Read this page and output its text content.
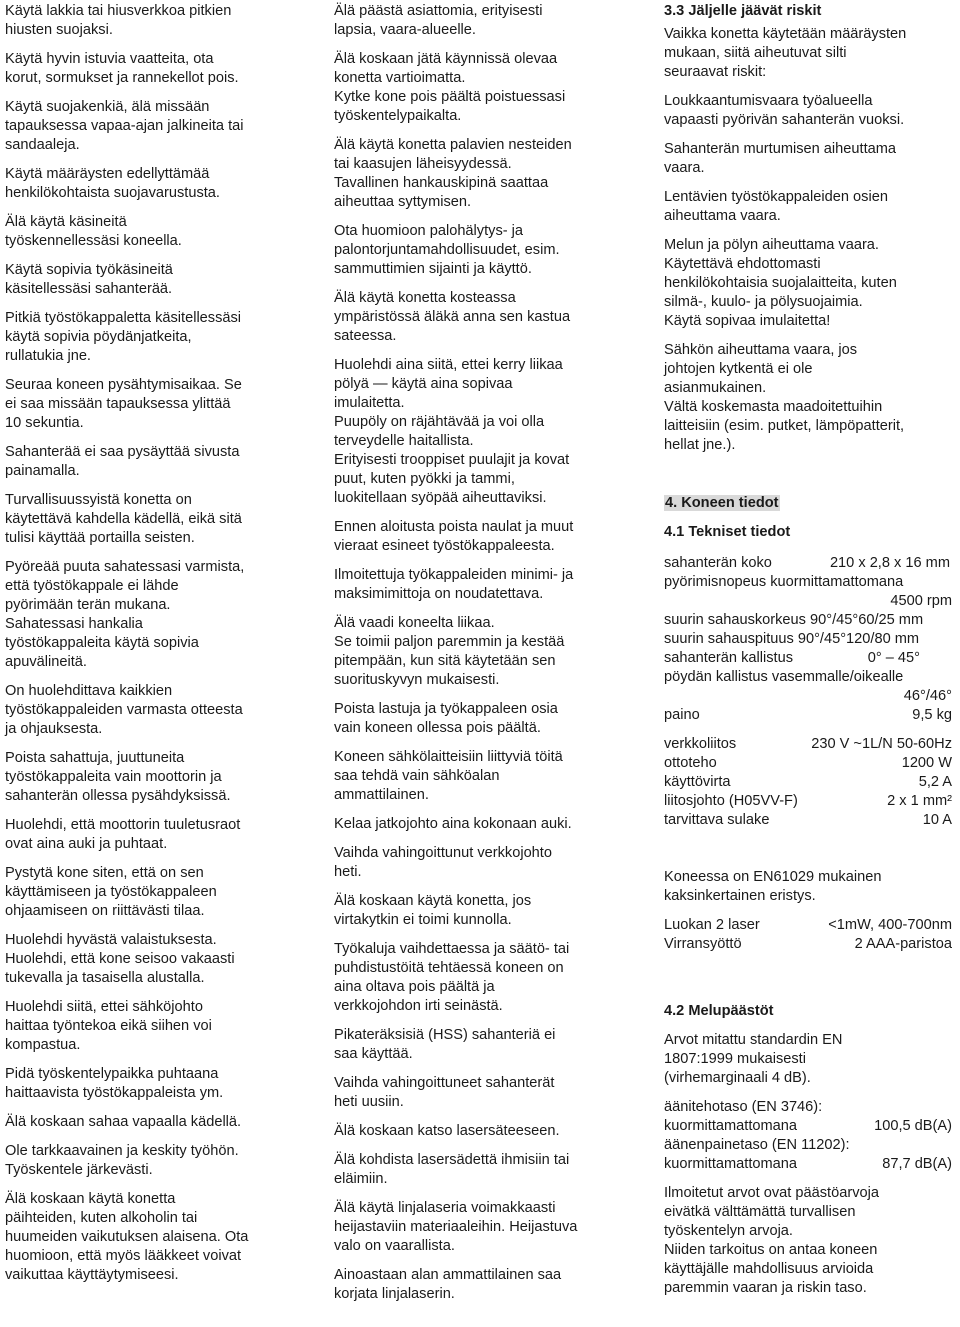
Käytä lakkia tai hiusverkkoa pitkien
hiusten suojaksi.
Käytä hyvin istuvia vaatteita, ota
korut, sormukset ja rannekellot pois.
Käytä suojakenkiä, älä missään
tapauksessa vapaa-ajan jalkineita tai
sandaaleja.
Käytä määräysten edellyttämää
henkilökohtaista suojavarustusta.
Älä käytä käsineitä
työskennellessäsi koneella.
Käytä sopivia työkäsineitä
käsitellessäsi sahanterää.
Pitkiä työstökappaletta käsitellessäsi
käytä sopivia pöydänjatkeita,
rullatukia jne.
Seuraa koneen pysähtymisaikaa. Se
ei saa missään tapauksessa ylittää
10 sekuntia.
Sahanterää ei saa pysäyttää sivusta
painamalla.
Turvallisuussyistä konetta on
käytettävä kahdella kädellä, eikä sitä
tulisi käyttää portailla seisten.
Pyöreää puuta sahatessasi varmista,
että työstökappale ei lähde
pyörimään terän mukana.
Sahatessasi hankalia
työstökappaleita käytä sopivia
apuvälineitä.
On huolehdittava kaikkien
työstökappaleiden varmasta otteesta
ja ohjauksesta.
Poista sahattuja, juuttuneita
työstökappaleita vain moottorin ja
sahanterän ollessa pysähdyksissä.
Huolehdi, että moottorin tuuletusraot
ovat aina auki ja puhtaat.
Pystytä kone siten, että on sen
käyttämiseen ja työstökappaleen
ohjaamiseen on riittävästi tilaa.
Huolehdi hyvästä valaistuksesta.
Huolehdi, että kone seisoo vakaasti
tukevalla ja tasaisella alustalla.
Huolehdi siitä, ettei sähköjohto
haittaa työntekoa eikä siihen voi
kompastua.
Pidä työskentelypaikka puhtaana
haittaavista työstökappaleista ym.
Älä koskaan sahaa vapaalla kädellä.
Ole tarkkaavainen ja keskity työhön.
Työskentele järkevästi.
Älä koskaan käytä konetta
päihteiden, kuten alkoholin tai
huumeiden vaikutuksen alaisena. Ota
huomioon, että myös lääkkeet voivat
vaikuttaa käyttäytymiseesi.
Älä päästä asiattomia, erityisesti
lapsia, vaara-alueelle.
Älä koskaan jätä käynnissä olevaa
konetta vartioimatta.
Kytke kone pois päältä poistuessasi
työskentelypaikalta.
Älä käytä konetta palavien nesteiden
tai kaasujen läheisyydessä.
Tavallinen hankauskipinä saattaa
aiheuttaa syttymisen.
Ota huomioon palohälytys- ja
palontorjuntamahdollisuudet, esim.
sammuttimien sijainti ja käyttö.
Älä käytä konetta kosteassa
ympäristössä äläkä anna sen kastua
sateessa.
Huolehdi aina siitä, ettei kerry liikaa
pölyä — käytä aina sopivaa
imulaitetta.
Puupöly on räjähtävää ja voi olla
terveydelle haitallista.
Erityisesti trooppiset puulajit ja kovat
puut, kuten pyökki ja tammi,
luokitellaan syöpää aiheuttaviksi.
Ennen aloitusta poista naulat ja muut
vieraat esineet työstökappaleesta.
Ilmoitettuja työkappaleiden minimi- ja
maksimimittoja on noudatettava.
Älä vaadi koneelta liikaa.
Se toimii paljon paremmin ja kestää
pitempään, kun sitä käytetään sen
suorituskyvyn mukaisesti.
Poista lastuja ja työkappaleen osia
vain koneen ollessa pois päältä.
Koneen sähkölaitteisiin liittyviä töitä
saa tehdä vain sähköalan
ammattilainen.
Kelaa jatkojohto aina kokonaan auki.
Vaihda vahingoittunut verkkojohto
heti.
Älä koskaan käytä konetta, jos
virtakytkin ei toimi kunnolla.
Työkaluja vaihdettaessa ja säätö- tai
puhdistustöitä tehtäessä koneen on
aina oltava pois päältä ja
verkkojohdon irti seinästä.
Pikateräksisiä (HSS) sahanteriä ei
saa käyttää.
Vaihda vahingoittuneet sahanterät
heti uusiin.
Älä koskaan katso lasersäteeseen.
Älä kohdista lasersädettä ihmisiin tai
eläimiin.
Älä käytä linjalaseria voimakkaasti
heijastaviin materiaaleihin. Heijastuva
valo on vaarallista.
Ainoastaan alan ammattilainen saa
korjata linjalaserin.
3.3 Jäljelle jäävät riskit
Vaikka konetta käytetään määräysten
mukaan, siitä aiheutuvat silti
seuraavat riskit:
Loukkaantumisvaara työalueella
vapaasti pyörivän sahanterän vuoksi.
Sahanterän murtumisen aiheuttama
vaara.
Lentävien työstökappaleiden osien
aiheuttama vaara.
Melun ja pölyn aiheuttama vaara.
Käytettävä ehdottomasti
henkilökohtaisia suojalaitteita, kuten
silmä-, kuulo- ja pölysuojaimia.
Käytä sopivaa imulaitetta!
Sähkön aiheuttama vaara, jos
johtojen kytkentä ei ole
asianmukainen.
Vältä koskemasta maadoitettuihin
laitteisiin (esim. putket, lämpöpatterit,
hellat jne.).
4. Koneen tiedot
4.1 Tekniset tiedot
sahanterän koko	210 x 2,8 x 16 mm
pyörimisnopeus kuormittamattomana
4500 rpm
suurin sahauskorkeus 90°/45°60/25 mm
suurin sahauspituus 90°/45°120/80 mm
sahanterän kallistus	0° – 45°
pöydän kallistus vasemmalle/oikealle
46°/46°
paino	9,5 kg
verkkoliitos	230 V ~1L/N 50-60Hz
ottoteho	1200 W
käyttövirta	5,2 A
liitosjohto (H05VV-F)	2 x 1 mm²
tarvittava sulake	10 A
Koneessa on EN61029 mukainen
kaksinkertainen eristys.
Luokan 2 laser	<1mW, 400-700nm
Virransyöttö	2 AAA-paristoa
4.2 Melupäästöt
Arvot mitattu standardin EN
1807:1999 mukaisesti
(virhemarginaali 4 dB).
äänitehotaso (EN 3746):
kuormittamattomana	100,5 dB(A)
äänenpainetaso (EN 11202):
kuormittamattomana	87,7 dB(A)
Ilmoitetut arvot ovat päästöarvoja
eivätkä välttämättä turvallisen
työskentelyn arvoja.
Niiden tarkoitus on antaa koneen
käyttäjälle mahdollisuus arvioida
paremmin vaaran ja riskin taso.
